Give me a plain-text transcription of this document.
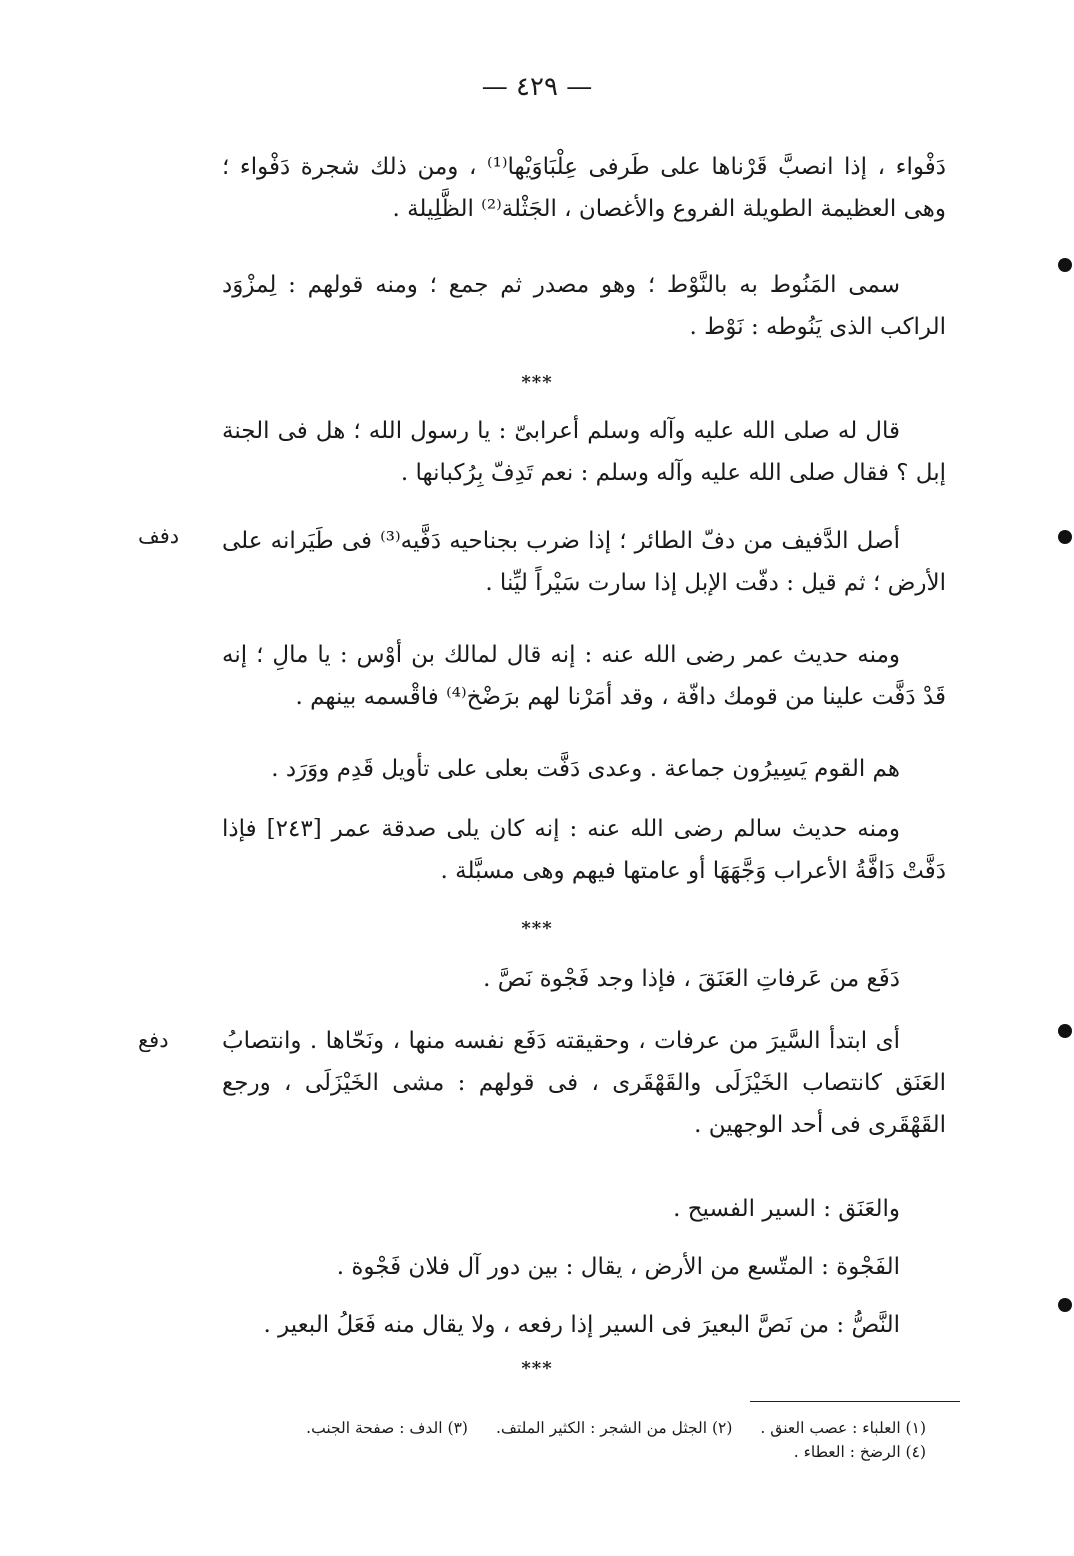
— ٤٢٩ —
دَفْواء ، إذا انصبَّ قَرْناها على طَرفى عِلْبَاوَيْها⁽¹⁾ ، ومن ذلك شجرة دَفْواء ؛ وهى العظيمة الطويلة الفروع والأغصان ، الجَثْلة⁽²⁾ الظَّلِيلة .
سمى المَنُوط به بالنَّوْط ؛ وهو مصدر ثم جمع ؛ ومنه قولهم : لِمزْوَد الراكب الذى يَنُوطه : نَوْط .
***
قال له صلى الله عليه وآله وسلم أعرابىّ : يا رسول الله ؛ هل فى الجنة إبل ؟ فقال صلى الله عليه وآله وسلم : نعم تَدِفّ بِرُكبانها .
أصل الدَّفيف من دفّ الطائر ؛ إذا ضرب بجناحيه دَفَّيه⁽³⁾ فى طَيَرانه على الأرض ؛ ثم قيل : دفّت الإبل إذا سارت سَيْراً ليِّنا .
دفف
ومنه حديث عمر رضى الله عنه : إنه قال لمالك بن أوْس : يا مالِ ؛ إنه قَدْ دَفَّت علينا من قومك دافّة ، وقد أمَرْنا لهم برَضْخ⁽⁴⁾ فاقْسمه بينهم .
هم القوم يَسِيرُون جماعة . وعدى دَفَّت بعلى على تأويل قَدِم ووَرَد .
ومنه حديث سالم رضى الله عنه : إنه كان يلى صدقة عمر [٢٤٣] فإذا دَفَّتْ دَافَّةُ الأعراب وَجَّهَهَا أو عامتها فيهم وهى مسبَّلة .
***
دَفَع من عَرفاتِ العَنَقَ ، فإذا وجد فَجْوة نَصَّ .
أى ابتدأ السَّيرَ من عرفات ، وحقيقته دَفَع نفسه منها ، ونَحّاها . وانتصابُ العَنَق كانتصاب الخَيْزَلَى والقَهْقَرى ، فى قولهم : مشى الخَيْزَلَى ، ورجع القَهْقَرى فى أحد الوجهين .
دفع
والعَنَق : السير الفسيح .
الفَجْوة : المتّسع من الأرض ، يقال : بين دور آل فلان فَجْوة .
النَّصُّ : من نَصَّ البعيرَ فى السير إذا رفعه ، ولا يقال منه فَعَلُ البعير .
***
(١) العلباء : عصب العنق .(٢) الجثل من الشجر : الكثير الملتف.(٣) الدف : صفحة الجنب.
(٤) الرضخ : العطاء .
